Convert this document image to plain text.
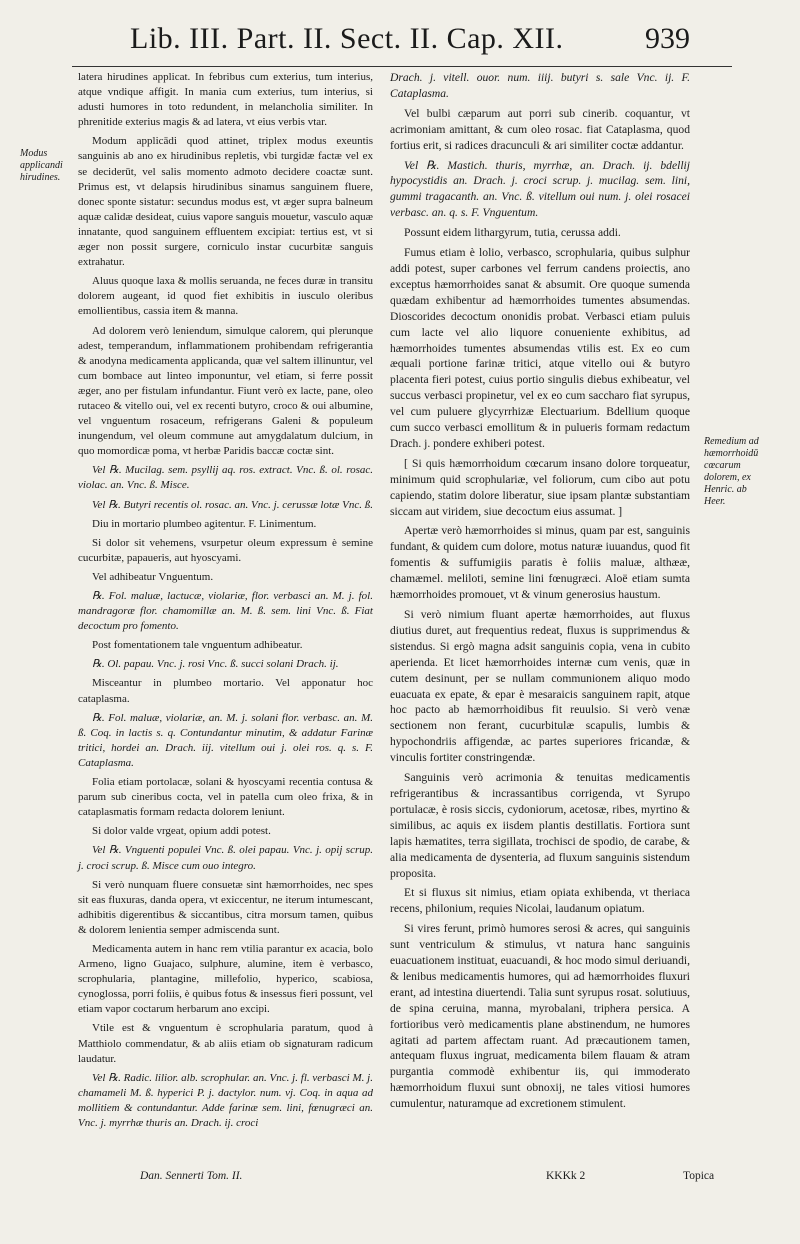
Lib. III. Part. II. Sect. II. Cap. XII.	939
Modus applicandi hirudines.
Remedium ad hæmorrhoidū cœcarum dolorem, ex Henric. ab Heer.

latera hirudines applicat. In febribus cum exterius, tum interius, atque vndique affigit. In mania cum exterius, tum interius, si adusti humores in toto redundent, in melancholia similiter. In phrenitide exterius magis & ad latera, vt eius verbis vtar.

Modum applicādi quod attinet, triplex modus exeuntis sanguinis ab ano ex hirudinibus repletis, vbi turgidæ factæ vel ex se deciderūt, vel salis momento admoto decidere coactæ sunt. Primus est, vt delapsis hirudinibus sinamus sanguinem fluere, donec sponte sistatur: secundus modus est, vt æger supra balneum aquæ calidæ desideat, cuius vapore sanguis mouetur, vasculo aquæ innatante, quod sanguinem effluentem excipiat: tertius est, vt si æger non possit surgere, corniculo instar cucurbitæ sanguis extrahatur.

Aluus quoque laxa & mollis seruanda, ne feces duræ in transitu dolorem augeant, id quod fiet exhibitis in iusculo oleribus emollientibus, cassia item & manna.

Ad dolorem verò leniendum, simulque calorem, qui plerunque adest, temperandum, inflammationem prohibendam refrigerantia & anodyna medicamenta applicanda, quæ vel saltem illinuntur, vel cum bombace aut linteo imponuntur, vel etiam, si ferre possit æger, ano per fistulam infundantur. Fiunt verò ex lacte, pane, oleo rutaceo & vitello oui, vel ex recenti butyro, croco & oui albumine, vel vnguentum rosaceum, refrigerans Galeni & populeum inungendum, vel oleum commune aut amygdalatum dulcium, in quo momordicæ poma, vt herbæ Paridis baccæ coctæ sint.

Vel ℞. Mucilag. sem. psyllij aq. ros. extract. Vnc. ß. ol. rosac. violac. an. Vnc. ß. Misce.

Vel ℞. Butyri recentis ol. rosac. an. Vnc. j. cerussæ lotæ Vnc. ß.

Diu in mortario plumbeo agitentur. F. Linimentum.

Si dolor sit vehemens, vsurpetur oleum expressum è semine cucurbitæ, papaueris, aut hyoscyami.

Vel adhibeatur Vnguentum.

℞. Fol. maluæ, lactucæ, violariæ, flor. verbasci an. M. j. fol. mandragoræ flor. chamomillæ an. M. ß. sem. lini Vnc. ß. Fiat decoctum pro fomento.

Post fomentationem tale vnguentum adhibeatur.

℞. Ol. papau. Vnc. j. rosi Vnc. ß. succi solani Drach. ij.

Misceantur in plumbeo mortario. Vel apponatur hoc cataplasma.

℞. Fol. maluæ, violariæ, an. M. j. solani flor. verbasc. an. M. ß. Coq. in lactis s. q. Contundantur minutim, & addatur Farinæ tritici, hordei an. Drach. iij. vitellum oui j. olei ros. q. s. F. Cataplasma.

Folia etiam portolacæ, solani & hyoscyami recentia contusa & parum sub cineribus cocta, vel in patella cum oleo frixa, & in cataplasmatis formam redacta dolorem leniunt.

Si dolor valde vrgeat, opium addi potest.

Vel ℞. Vnguenti populei Vnc. ß. olei papau. Vnc. j. opij scrup. j. croci scrup. ß. Misce cum ouo integro.

Si verò nunquam fluere consuetæ sint hæmorrhoides, nec spes sit eas fluxuras, danda opera, vt exiccentur, ne iterum intumescant, adhibitis digerentibus & siccantibus, citra morsum tamen, quibus & dolorem lenientia semper admiscenda sunt.

Medicamenta autem in hanc rem vtilia parantur ex acacia, bolo Armeno, ligno Guajaco, sulphure, alumine, item è verbasco, scrophularia, plantagine, millefolio, hyperico, scabiosa, cynoglossa, porri foliis, è quibus fotus & insessus fieri possunt, vel etiam vapor coctarum herbarum ano excipi.

Vtile est & vnguentum è scrophularia paratum, quod à Matthiolo commendatur, & ab aliis etiam ob signaturam radicum laudatur.

Vel ℞. Radic. lilior. alb. scrophular. an. Vnc. j. fl. verbasci M. j. chamameli M. ß. hyperici P. j. dactylor. num. vj. Coq. in aqua ad mollitiem & contundantur. Adde farinæ sem. lini, fœnugræci an. Vnc. j. myrrhæ thuris an. Drach. ij. croci

Drach. j. vitell. ouor. num. iiij. butyri s. sale Vnc. ij. F. Cataplasma.

Vel bulbi cæparum aut porri sub cinerib. coquantur, vt acrimoniam amittant, & cum oleo rosac. fiat Cataplasma, quod fortius erit, si radices dracunculi & ari similiter coctæ addantur.

Vel ℞. Mastich. thuris, myrrhæ, an. Drach. ij. bdellij hypocystidis an. Drach. j. croci scrup. j. mucilag. sem. lini, gummi tragacanth. an. Vnc. ß. vitellum oui num. j. olei rosacei verbasc. an. q. s. F. Vnguentum.

Possunt eidem lithargyrum, tutia, cerussa addi.

Fumus etiam è lolio, verbasco, scrophularia, quibus sulphur addi potest, super carbones vel ferrum candens proiectis, ano exceptus hæmorrhoides sanat & absumit. Ore quoque sumenda quædam exhibentur ad hæmorrhoides tumentes absumendas. Dioscorides decoctum ononidis probat. Verbasci etiam puluis cum lacte vel alio liquore conueniente exhibitus, ad hæmorrhoides tumentes absumendas vtilis est. Ex eo cum æquali portione farinæ tritici, atque vitello oui & butyro placenta fieri potest, cuius portio singulis diebus exhibeatur, vel succus verbasci propinetur, vel ex eo cum saccharo fiat syrupus, vel cum puluere glycyrrhizæ Electuarium. Bdellium quoque cum succo verbasci emollitum & in pulueris formam redactum Drach. j. pondere exhiberi potest.

[ Si quis hæmorrhoidum cœcarum insano dolore torqueatur, minimum quid scrophulariæ, vel foliorum, cum cibo aut potu capiendo, statim dolore liberatur, siue ipsam plantæ substantiam siccam aut viridem, siue decoctum eius assumat. ]

Apertæ verò hæmorrhoides si minus, quam par est, sanguinis fundant, & quidem cum dolore, motus naturæ iuuandus, quod fit fomentis & suffumigiis paratis è foliis maluæ, althææ, chamæmel. meliloti, semine lini fœnugræci. Aloë etiam sumta hæmorrhoides promouet, vt & vinum generosius haustum.

Si verò nimium fluant apertæ hæmorrhoides, aut fluxus diutius duret, aut frequentius redeat, fluxus is supprimendus & sistendus. Si ergò magna adsit sanguinis copia, vena in cubito aperienda. Et licet hæmorrhoides internæ cum venis, quæ in cutem desinunt, per se nullam communionem aliquo modo euacuata ex epate, & epar è mesaraicis sanguinem rapit, atque hoc pacto ab hæmorrhoidibus fit reuulsio. Si verò venæ sectionem non ferant, cucurbitulæ scapulis, lumbis & hypochondriis affigendæ, ac partes superiores fricandæ, & vinculis fortiter constringendæ.

Sanguinis verò acrimonia & tenuitas medicamentis refrigerantibus & incrassantibus corrigenda, vt Syrupo portulacæ, è rosis siccis, cydoniorum, acetosæ, ribes, myrtino & similibus, ac aquis ex iisdem plantis destillatis. Fortiora sunt lapis hæmatites, terra sigillata, trochisci de spodio, de carabe, & alia medicamenta de dysenteria, ad fluxum sanguinis sistendum proposita.

Et si fluxus sit nimius, etiam opiata exhibenda, vt theriaca recens, philonium, requies Nicolai, laudanum opiatum.

Si vires ferunt, primò humores serosi & acres, qui sanguinis sunt ventriculum & stimulus, vt natura hanc sanguinis euacuationem instituat, euacuandi, & hoc modo simul deriuandi, & lenibus medicamentis humores, qui ad hæmorrhoides fluxuri erant, ad intestina diuertendi. Talia sunt syrupus rosat. solutiuus, de spina ceruina, manna, myrobalani, triphera persica. A fortioribus verò medicamentis plane abstinendum, ne humores agitati ad partem affectam ruant. Ad præcautionem tamen, antequam fluxus ingruat, medicamenta bilem flauam & atram purgantia commodè exhibentur iis, qui immoderato hæmorrhoidum fluxui sunt obnoxij, ne tales vitiosi humores cumulentur, naturamque ad excretionem stimulent.

Dan. Sennerti Tom. II.	KKKk 2	Topica
